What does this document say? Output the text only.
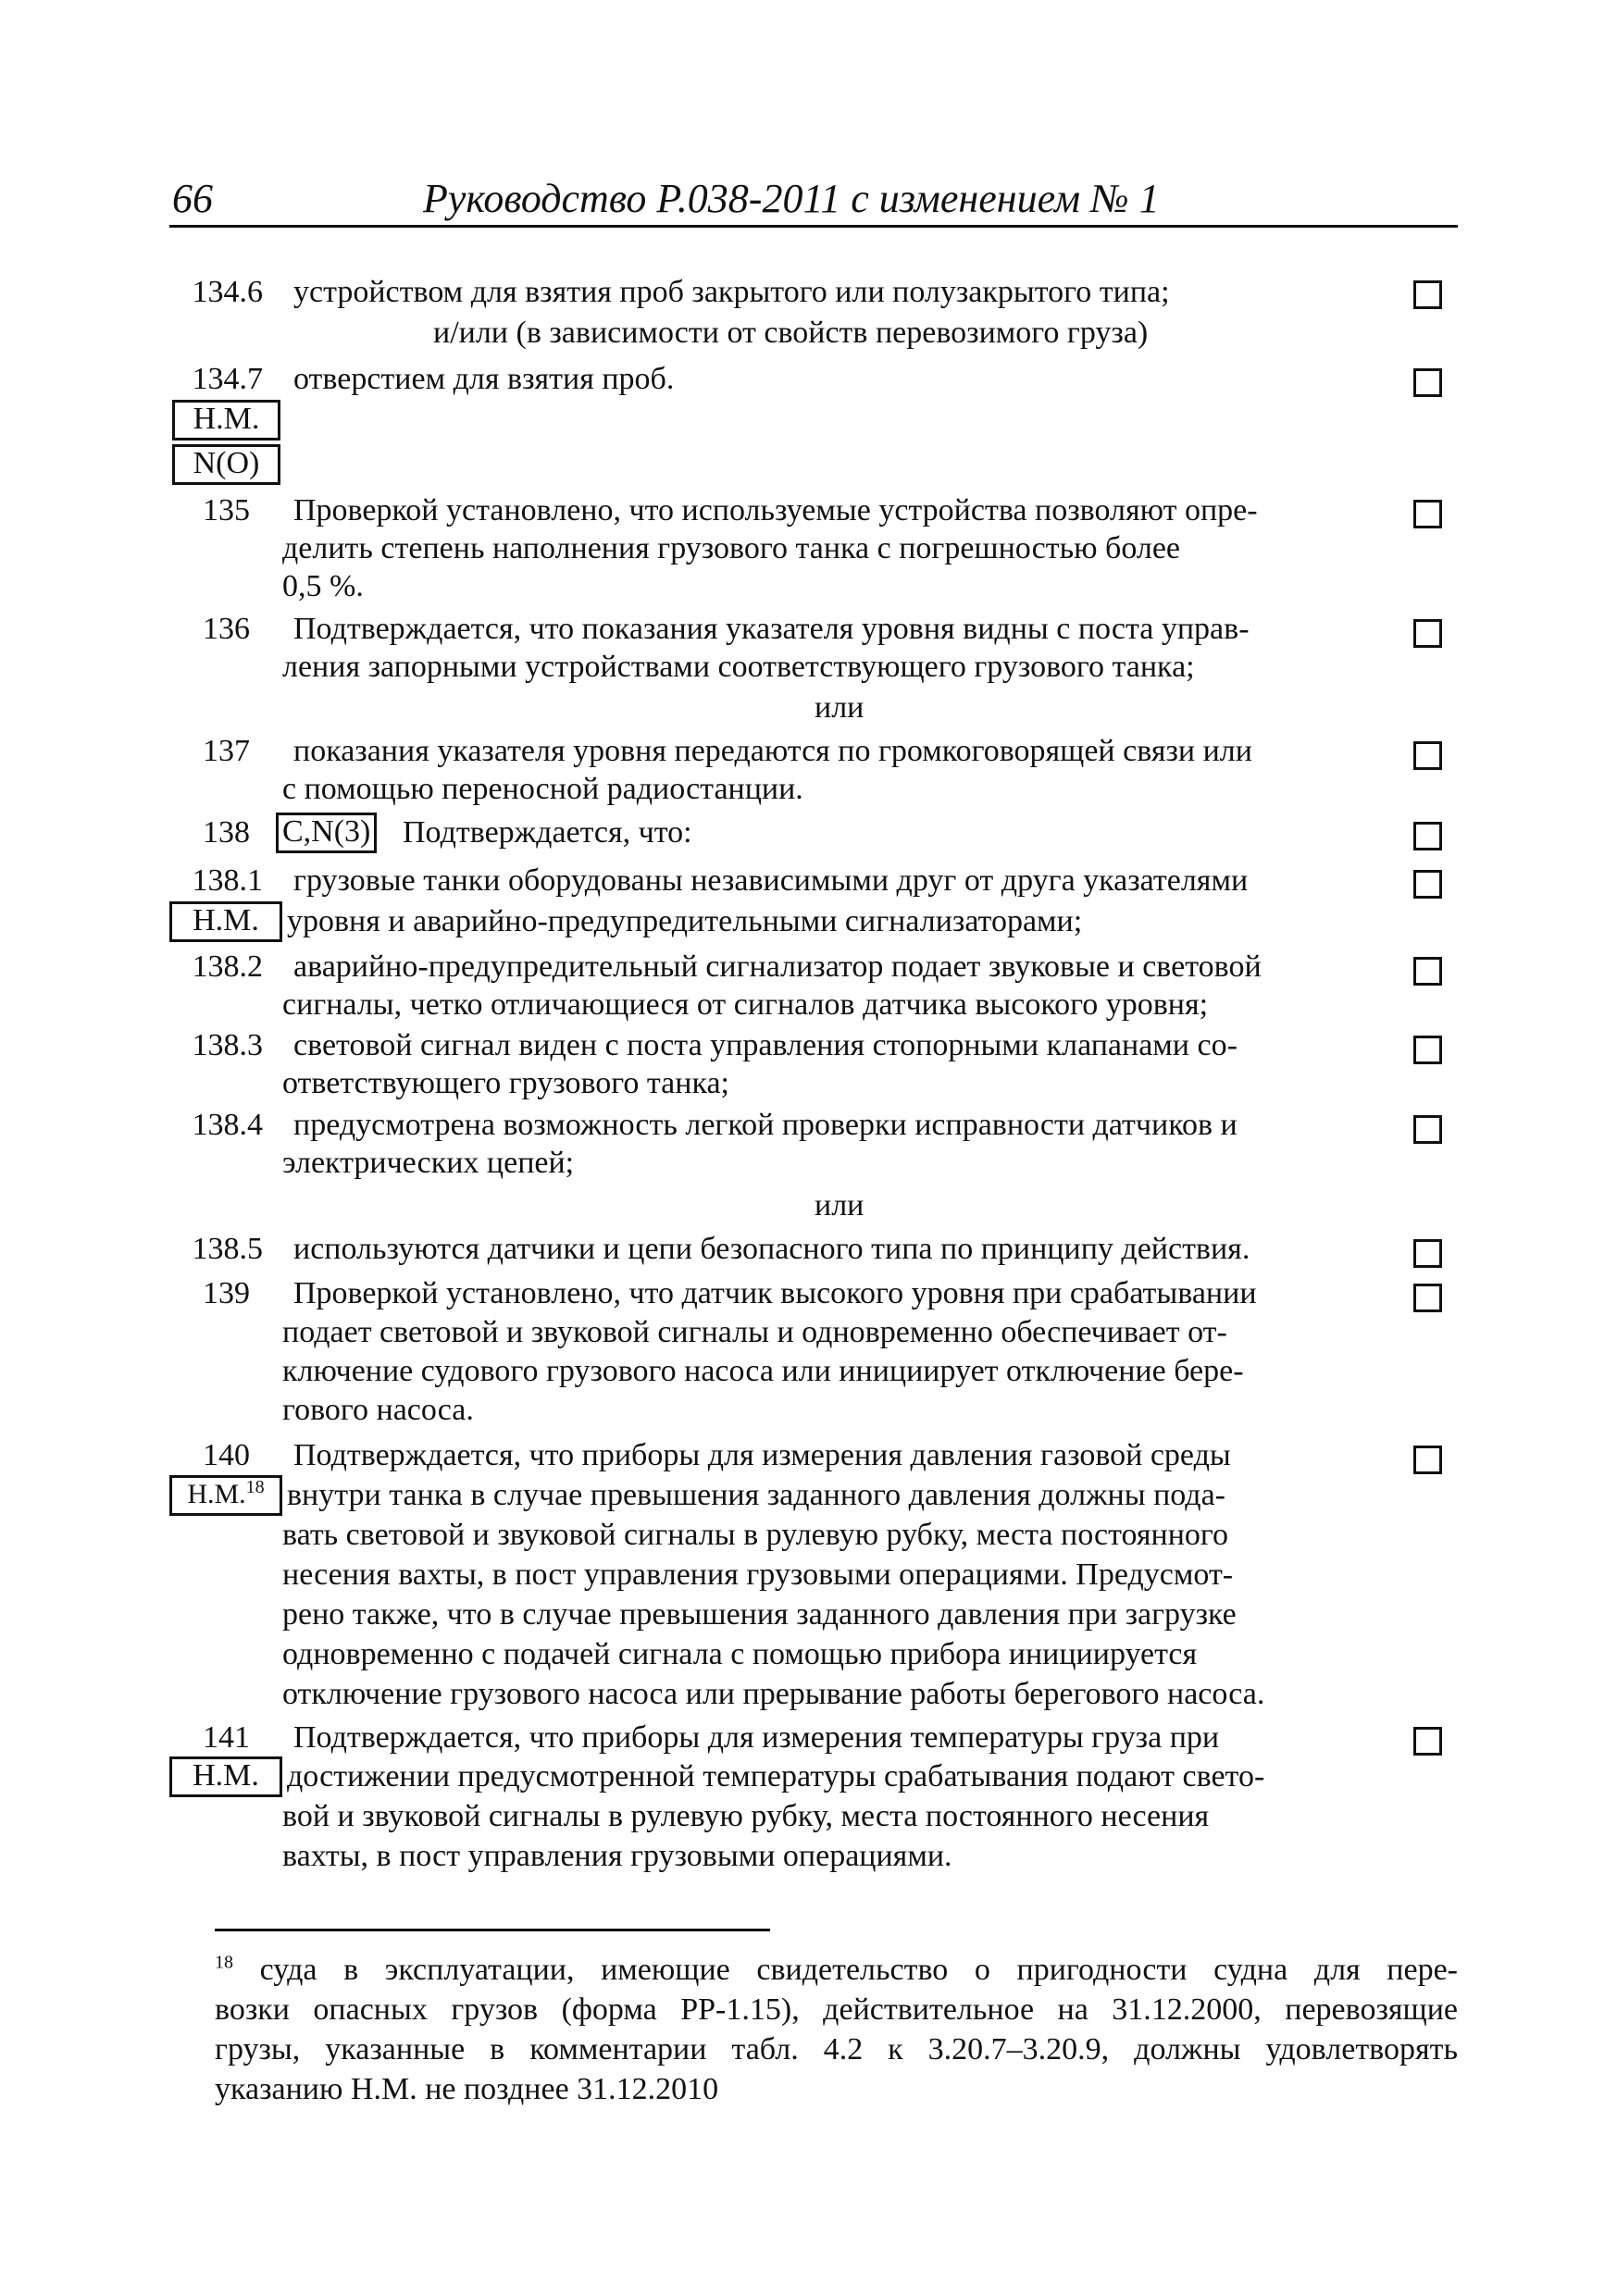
66	Руководство Р.038-2011 с изменением № 1
134.6 устройством для взятия проб закрытого или полузакрытого типа;
и/или (в зависимости от свойств перевозимого груза)
134.7 отверстием для взятия проб.
Н.М.
N(O)
135 Проверкой установлено, что используемые устройства позволяют опре-
делить степень наполнения грузового танка с погрешностью более
0,5 %.
136 Подтверждается, что показания указателя уровня видны с поста управ-
ления запорными устройствами соответствующего грузового танка;
или
137 показания указателя уровня передаются по громкоговорящей связи или
с помощью переносной радиостанции.
138 С,N(3) Подтверждается, что:
138.1 грузовые танки оборудованы независимыми друг от друга указателями
Н.М. уровня и аварийно-предупредительными сигнализаторами;
138.2 аварийно-предупредительный сигнализатор подает звуковые и световой
сигналы, четко отличающиеся от сигналов датчика высокого уровня;
138.3 световой сигнал виден с поста управления стопорными клапанами со-
ответствующего грузового танка;
138.4 предусмотрена возможность легкой проверки исправности датчиков и
электрических цепей;
или
138.5 используются датчики и цепи безопасного типа по принципу действия.
139 Проверкой установлено, что датчик высокого уровня при срабатывании
подает световой и звуковой сигналы и одновременно обеспечивает от-
ключение судового грузового насоса или инициирует отключение бере-
гового насоса.
140 Подтверждается, что приборы для измерения давления газовой среды
Н.М.$^{18}$ внутри танка в случае превышения заданного давления должны пода-
вать световой и звуковой сигналы в рулевую рубку, места постоянного
несения вахты, в пост управления грузовыми операциями. Предусмот-
рено также, что в случае превышения заданного давления при загрузке
одновременно с подачей сигнала с помощью прибора инициируется
отключение грузового насоса или прерывание работы берегового насоса.
141 Подтверждается, что приборы для измерения температуры груза при
Н.М. достижении предусмотренной температуры срабатывания подают свето-
вой и звуковой сигналы в рулевую рубку, места постоянного несения
вахты, в пост управления грузовыми операциями.
$^{18}$ суда в эксплуатации, имеющие свидетельство о пригодности судна для пере-
возки опасных грузов (форма РР-1.15), действительное на 31.12.2000, перевозящие
грузы, указанные в комментарии табл. 4.2 к 3.20.7–3.20.9, должны удовлетворять
указанию Н.М. не позднее 31.12.2010
